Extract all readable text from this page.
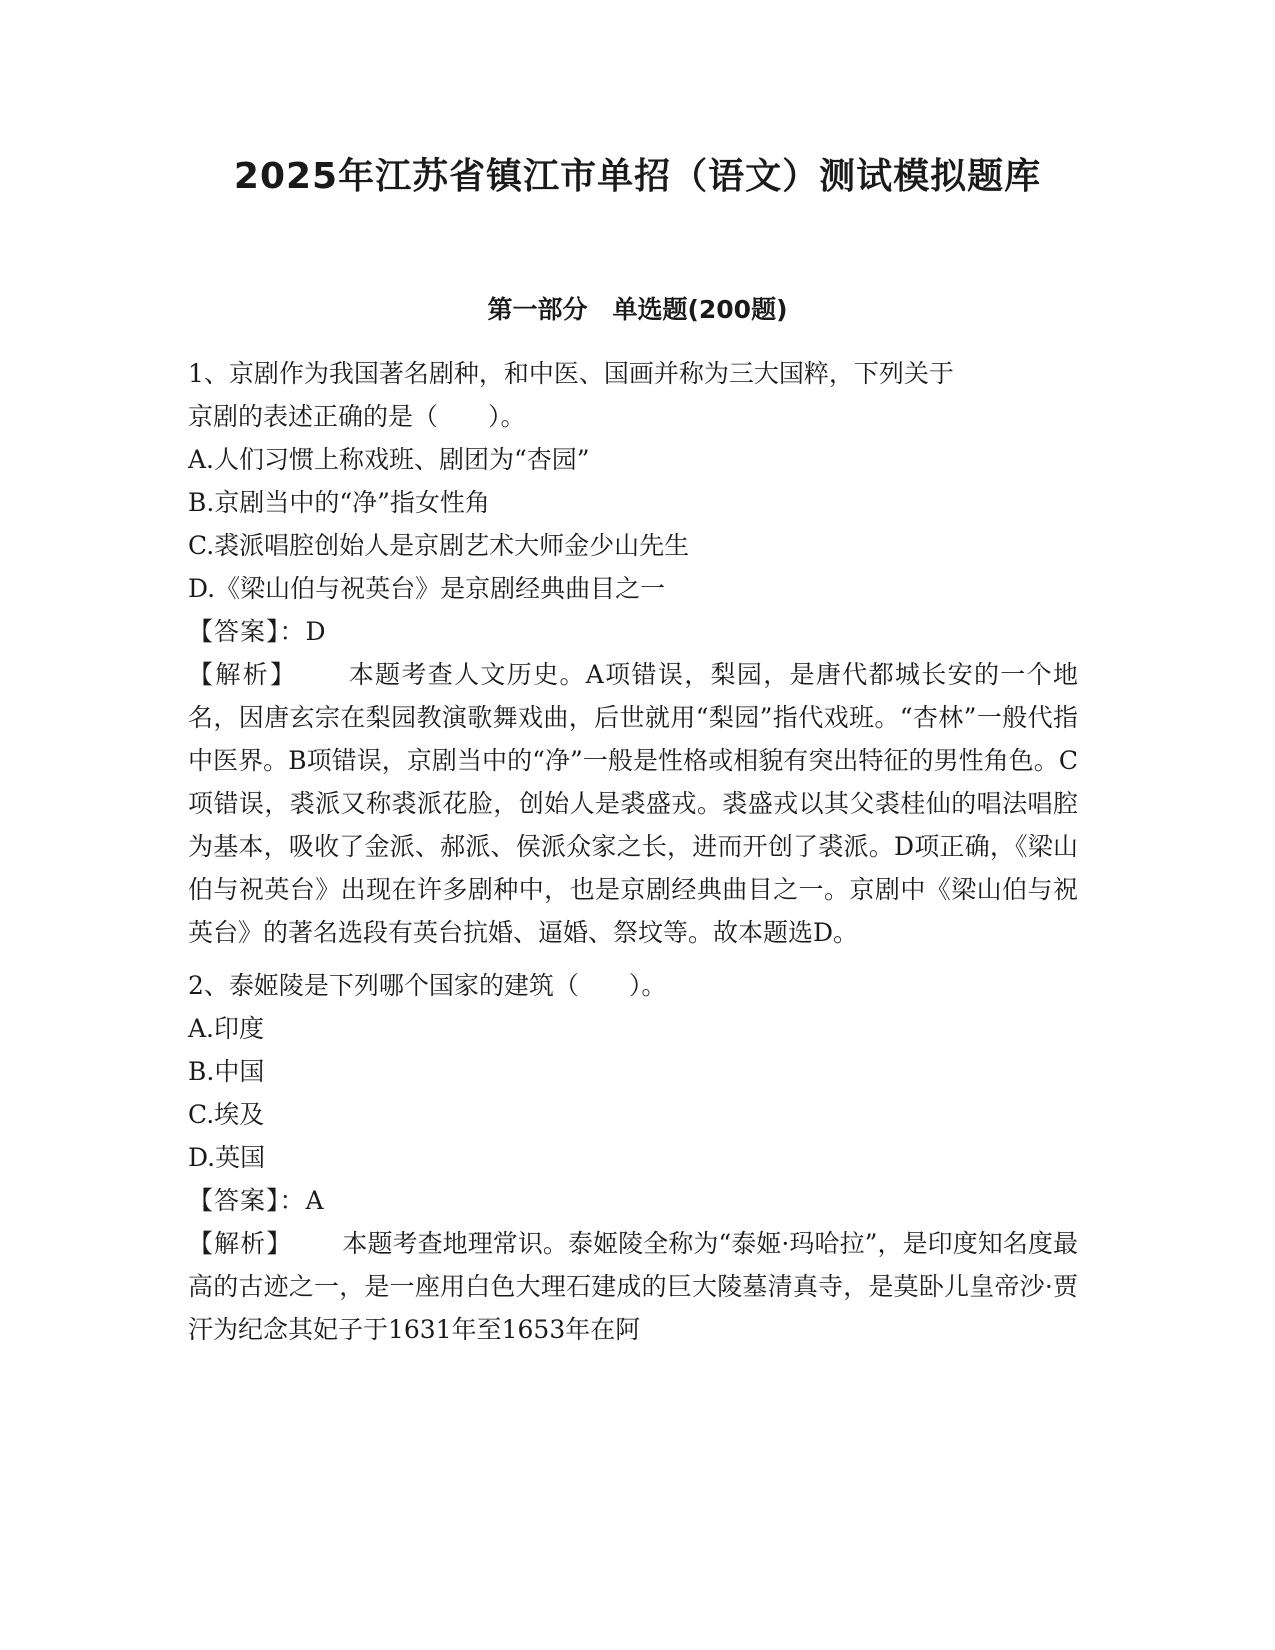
2025年江苏省镇江市单招（语文）测试模拟题库
第一部分　单选题(200题)
1、京剧作为我国著名剧种，和中医、国画并称为三大国粹，下列关于
京剧的表述正确的是（　　）。
A.人们习惯上称戏班、剧团为“杏园”
B.京剧当中的“净”指女性角
C.裘派唱腔创始人是京剧艺术大师金少山先生
D.《梁山伯与祝英台》是京剧经典曲目之一
【答案】：D
【解析】 本题考查人文历史。A项错误，梨园，是唐代都城长安的一个地名，因唐玄宗在梨园教演歌舞戏曲，后世就用“梨园”指代戏班。“杏林”一般代指中医界。B项错误，京剧当中的“净”一般是性格或相貌有突出特征的男性角色。C项错误，裘派又称裘派花脸，创始人是裘盛戎。裘盛戎以其父裘桂仙的唱法唱腔为基本，吸收了金派、郝派、侯派众家之长，进而开创了裘派。D项正确，《梁山伯与祝英台》出现在许多剧种中，也是京剧经典曲目之一。京剧中《梁山伯与祝英台》的著名选段有英台抗婚、逼婚、祭坟等。故本题选D。
2、泰姬陵是下列哪个国家的建筑（　　）。
A.印度
B.中国
C.埃及
D.英国
【答案】：A
【解析】 本题考查地理常识。泰姬陵全称为“泰姬·玛哈拉”，是印度知名度最高的古迹之一，是一座用白色大理石建成的巨大陵墓清真寺，是莫卧儿皇帝沙·贾汗为纪念其妃子于1631年至1653年在阿
